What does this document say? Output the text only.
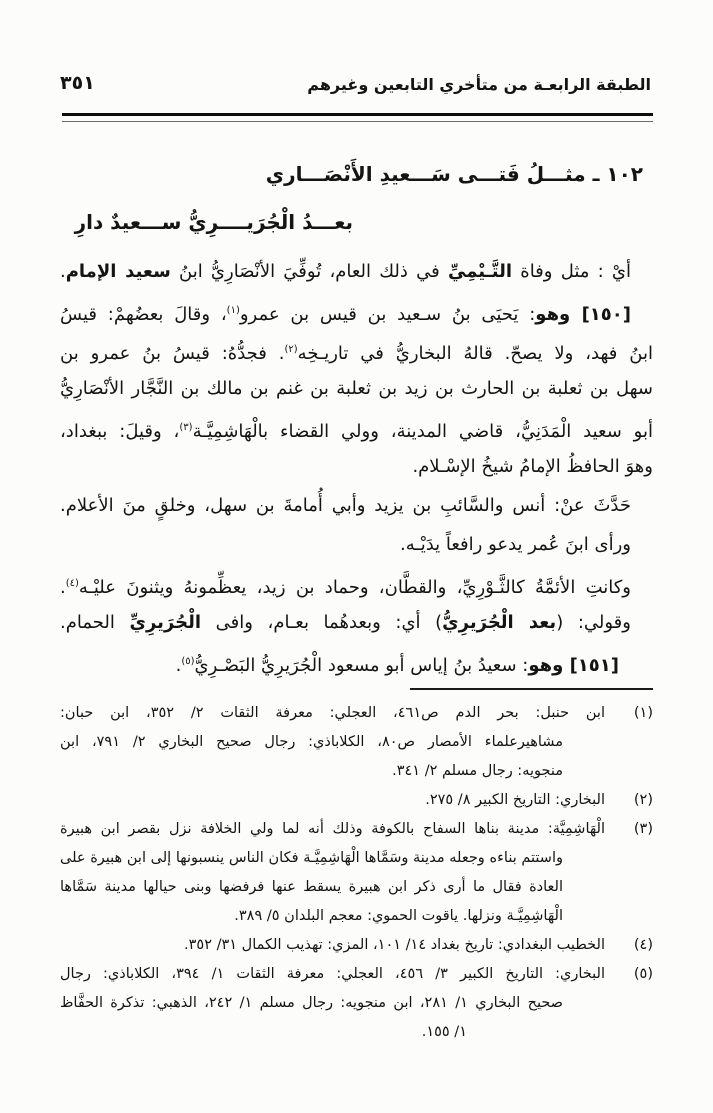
الطبقة الرابعـة من متأخري التابعين وغيرهم
٣٥١
١٠٢ ـ مثـــلُ فَتـــى سَـــعيدِ الأَنْصَـــاري
بعـــدُ الْجُرَيــــرِيُّ ســـعيدٌ دارِ
أيْ : مثل وفاة التَّـيْمِيِّ في ذلك العام، تُوفِّيَ الأنْصَارِيُّ ابنُ سعيد الإمام.
[١٥٠] وهو: يَحيَى بنُ سـعيد بن قيس بن عمرو$^{(١)}$، وقالَ بعضُهمْ: قيسُ
ابنُ فهد، ولا يصحّ. قالهُ البخاريُّ في تاريـخِه$^{(٢)}$. فجدُّهُ: قيسُ بنُ عمرو بن
سهل بن ثعلبة بن الحارث بن زيد بن ثعلبة بن غنم بن مالك بن النَّجَّار الأنْصَارِيُّ
أبو سعيد الْمَدَنِيُّ، قاضي المدينة، وولي القضاء بالْهَاشِمِيَّـة$^{(٣)}$، وقيلَ: ببغداد،
وهوَ الحافظُ الإمامُ شيخُ الإسْـلام.
حَدَّثَ عنْ: أنس والسَّائبِ بن يزيد وأبي أُمامةَ بن سهل، وخلقٍ منَ الأعلام.
ورأى ابنَ عُمر يدعو رافعاً يدَيْـه.
وكانتِ الأئمَّةُ كالثَّـوْرِيِّ، والقطَّان، وحماد بن زيد، يعظِّمونهُ ويثنونَ عليْـه$^{(٤)}$.
وقولي: (بعد الْجُرَيرِيُّ) أي: وبعدهُما بعـام، وافى الْجُرَيرِيِّ الحمام.
[١٥١] وهو: سعيدُ بنُ إياس أبو مسعود الْجُرَيرِيُّ البَصْـرِيُّ$^{(٥)}$.
(١)ابن حنبل: بحر الدم ص٤٦١، العجلي: معرفة الثقات ٢/ ٣٥٢، ابن حبان:
مشاهيرعلماء الأمصار ص٨٠، الكلاباذي: رجال صحيح البخاري ٢/ ٧٩١، ابن
منجويه: رجال مسلم ٢/ ٣٤١.
(٢)البخاري: التاريخ الكبير ٨/ ٢٧٥.
(٣)الْهَاشِمِيَّة: مدينة بناها السفاح بالكوفة وذلك أنه لما ولي الخلافة نزل بقصر ابن هبيرة
واستتم بناءه وجعله مدينة وسَمَّاها الْهَاشِمِيَّـة فكان الناس ينسبونها إلى ابن هبيرة على
العادة فقال ما أرى ذكر ابن هبيرة يسقط عنها فرفضها وبنى حيالها مدينة سَمَّاها
الْهَاشِمِيَّـة ونزلها. ياقوت الحموي: معجم البلدان ٥/ ٣٨٩.
(٤)الخطيب البغدادي: تاريخ بغداد ١٤/ ١٠١، المزي: تهذيب الكمال ٣١/ ٣٥٢.
(٥)البخاري: التاريخ الكبير ٣/ ٤٥٦، العجلي: معرفة الثقات ١/ ٣٩٤، الكلاباذي: رجال
صحيح البخاري ١/ ٢٨١، ابن منجويه: رجال مسلم ١/ ٢٤٢، الذهبي: تذكرة الحفَّاظ
١/ ١٥٥.
